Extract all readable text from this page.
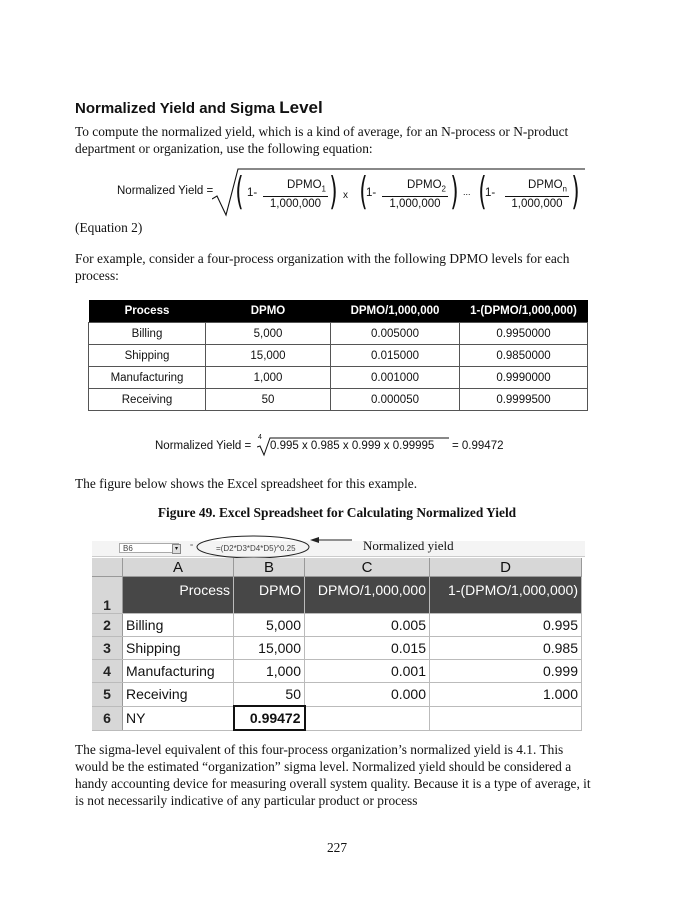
Normalized Yield and Sigma Level
To compute the normalized yield, which is a kind of average, for an N-process or N-product department or organization, use the following equation:
Normalized Yield = ( 1-
$DPMO_1$
1,000,000 ) x (
1-
$DPMO_2$
1,000,000 ) ... (
1-
$DPMO_n$
1,000,000 )
(Equation 2)
For example, consider a four-process organization with the following DPMO levels for each process:
Process	DPMO	DPMO/1,000,000	1-(DPMO/1,000,000)
Billing	5,000	0.005000	0.9950000
Shipping	15,000	0.015000	0.9850000
Manufacturing	1,000	0.001000	0.9990000
Receiving	50	0.000050	0.9999500
Normalized Yield =
4
0.995 x 0.985 x 0.999 x 0.99995 = 0.99472
The figure below shows the Excel spreadsheet for this example.
Figure 49. Excel Spreadsheet for Calculating Normalized Yield
B6	▾	=	=(D2*D3*D4*D5)^0.25	Normalized yield
	A	B	C	D
1	Process	DPMO	DPMO/1,000,000	1-(DPMO/1,000,000)
2	Billing	5,000	0.005	0.995
3	Shipping	15,000	0.015	0.985
4	Manufacturing	1,000	0.001	0.999
5	Receiving	50	0.000	1.000
6	NY	0.99472		
The sigma-level equivalent of this four-process organization’s normalized yield is 4.1. This would be the estimated “organization” sigma level. Normalized yield should be considered a handy accounting device for measuring overall system quality. Because it is a type of average, it is not necessarily indicative of any particular product or process
227
